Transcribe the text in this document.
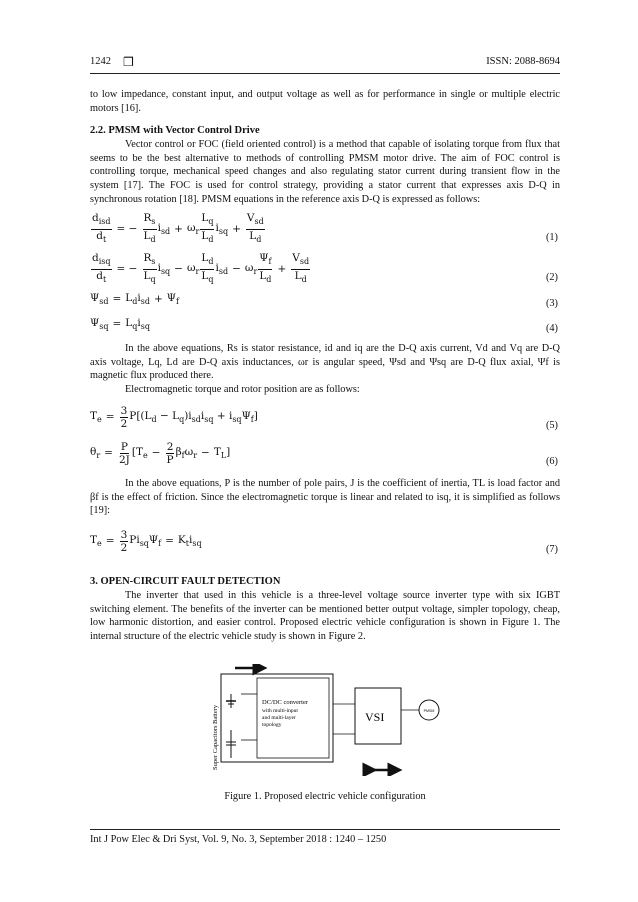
1242 ❒	ISSN: 2088-8694

to low impedance, constant input, and output voltage as well as for performance in single or multiple electric motors [16].

2.2. PMSM with Vector Control Drive

Vector control or FOC (field oriented control) is a method that capable of isolating torque from flux that seems to be the best alternative to methods of controlling PMSM motor drive. The aim of FOC control is controlling torque, mechanical speed changes and also regulating stator current during transient flow in the system [17]. The FOC is used for control strategy, providing a stator current that expresses axis D-Q in synchronous rotation [18]. PMSM equations in the reference axis D-Q is expressed as follows:

$\frac{d_{isd}}{d_t}$ = − $\frac{R_s}{L_d} i_{sd} + \omega_r \frac{L_q}{L_d} i_{sq} + \frac{V_{sd}}{L_d}$	(1)
$\frac{d_{isq}}{d_t}$ = − $\frac{R_s}{L_q} i_{sq} - \omega_r \frac{L_d}{L_q} i_{sd} - \omega_r \frac{\Psi_f}{L_d} + \frac{V_{sd}}{L_d}$	(2)
$\Psi_{sd} = L_di_{sd} + \Psi_f$	(3)
$\Psi_{sq} = L_qi_{sq}$	(4)

In the above equations, Rs is stator resistance, id and iq are the D-Q axis current, Vd and Vq are D-Q axis voltage, Lq, Ld are D-Q axis inductances, ωr is angular speed, Ψsd and Ψsq are D-Q flux axial, Ψf is magnetic flux produced there.

Electromagnetic torque and rotor position are as follows:

$T_e = \frac{3}{2} P[(L_d - L_q)i_{sd}i_{sq} + i_{sq}\Psi_f]$
(5)
$\theta_r = \frac{P}{2J} [T_e - \frac{2}{P} \beta_f\omega_r - T_L]$
(6)

In the above equations, P is the number of pole pairs, J is the coefficient of inertia, TL is load factor and βf is the effect of friction. Since the electromagnetic torque is linear and related to isq, it is simplified as follows [19]:

$T_e = \frac{3}{2} Pi_{sq}\Psi_f = K_ti_{sq}$
(7)
3. OPEN-CIRCUIT FAULT DETECTION

The inverter that used in this vehicle is a three-level voltage source inverter type with six IGBT switching element. The benefits of the inverter can be mentioned better output voltage, simpler topology, cheap, low harmonic distortion, and easier control. Proposed electric vehicle configuration is shown in Figure 1. The internal structure of the electric vehicle study is shown in Figure 2.

Battery
Super Capacitors
DC/DC converter
with multi-input
and multi-layer
topology
VSI	PMSM
Figure 1. Proposed electric vehicle configuration
Int J Pow Elec & Dri Syst, Vol. 9, No. 3, September 2018 : 1240 – 1250
